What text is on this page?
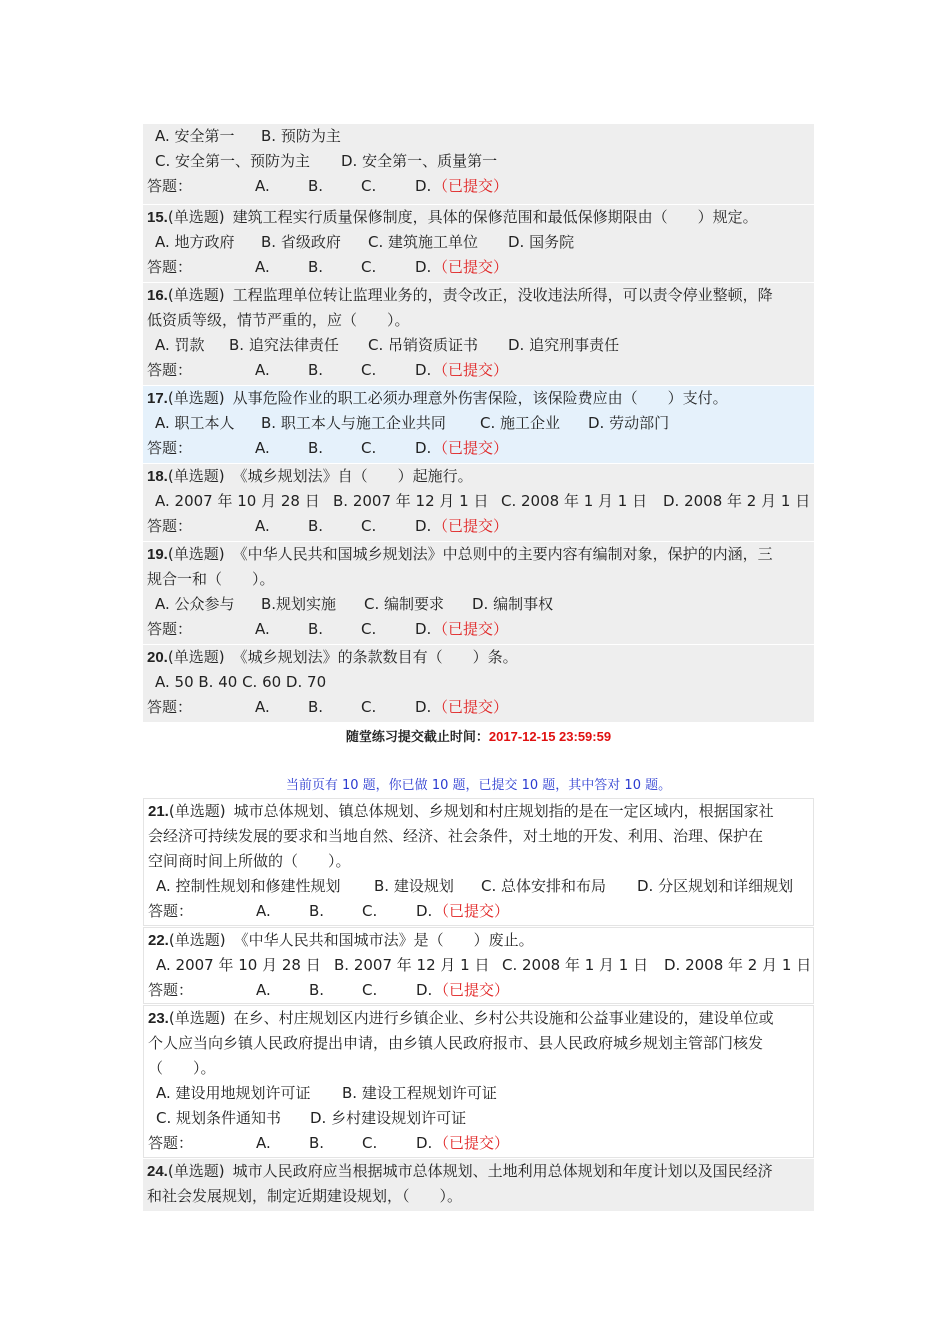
A. 安全第一 B. 预防为主
C. 安全第一、预防为主 D. 安全第一、质量第一
答题：	A.	B.	C.	D. （已提交）
15.(单选题) 建筑工程实行质量保修制度，具体的保修范围和最低保修期限由（　　）规定。
A. 地方政府 B. 省级政府 C. 建筑施工单位 D. 国务院
答题：	A.	B.	C.	D. （已提交）
16.(单选题) 工程监理单位转让监理业务的，责令改正，没收违法所得，可以责令停业整顿，降
低资质等级，情节严重的，应（　　）。
A. 罚款 B. 追究法律责任 C. 吊销资质证书 D. 追究刑事责任
答题：	A.	B.	C.	D. （已提交）
17.(单选题) 从事危险作业的职工必须办理意外伤害保险，该保险费应由（　　）支付。
A. 职工本人 B. 职工本人与施工企业共同 C. 施工企业 D. 劳动部门
答题：	A.	B.	C.	D. （已提交）
18.(单选题) 《城乡规划法》自（　　）起施行。
A. 2007 年 10 月 28 日 B. 2007 年 12 月 1 日 C. 2008 年 1 月 1 日 D. 2008 年 2 月 1 日
答题：	A.	B.	C.	D. （已提交）
19.(单选题) 《中华人民共和国城乡规划法》中总则中的主要内容有编制对象，保护的内涵，三
规合一和（　　）。
A. 公众参与 B.规划实施 C. 编制要求 D. 编制事权
答题：	A.	B.	C.	D. （已提交）
20.(单选题) 《城乡规划法》的条款数目有（　　）条。
A. 50 B. 40 C. 60 D. 70
答题：	A.	B.	C.	D. （已提交）
21.(单选题) 城市总体规划、镇总体规划、乡规划和村庄规划指的是在一定区域内，根据国家社
会经济可持续发展的要求和当地自然、经济、社会条件，对土地的开发、利用、治理、保护在
空间商时间上所做的（　　）。
A. 控制性规划和修建性规划 B. 建设规划 C. 总体安排和布局 D. 分区规划和详细规划
答题：	A.	B.	C.	D. （已提交）
22.(单选题) 《中华人民共和国城市法》是（　　）废止。
A. 2007 年 10 月 28 日 B. 2007 年 12 月 1 日 C. 2008 年 1 月 1 日 D. 2008 年 2 月 1 日
答题：	A.	B.	C.	D. （已提交）
23.(单选题) 在乡、村庄规划区内进行乡镇企业、乡村公共设施和公益事业建设的，建设单位或
个人应当向乡镇人民政府提出申请，由乡镇人民政府报市、县人民政府城乡规划主管部门核发
（　　）。
A. 建设用地规划许可证 B. 建设工程规划许可证
C. 规划条件通知书 D. 乡村建设规划许可证
答题：	A.	B.	C.	D. （已提交）
24.(单选题) 城市人民政府应当根据城市总体规划、土地利用总体规划和年度计划以及国民经济
和社会发展规划，制定近期建设规划，（　　）。
随堂练习提交截止时间：2017-12-15 23:59:59
当前页有 10 题，你已做 10 题，已提交 10 题，其中答对 10 题。
